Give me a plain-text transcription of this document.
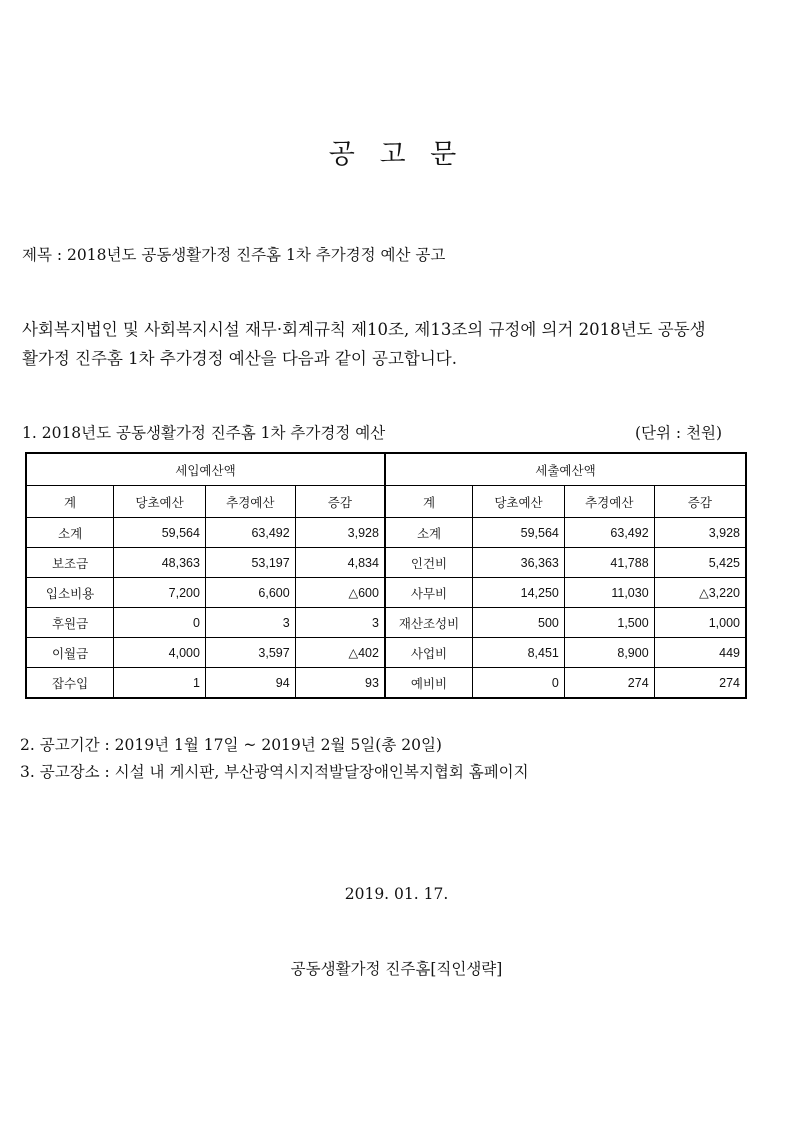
공 고 문
제목 : 2018년도 공동생활가정 진주홈 1차 추가경정 예산 공고
사회복지법인 및 사회복지시설 재무·회계규칙 제10조, 제13조의 규정에 의거 2018년도 공동생
활가정 진주홈 1차 추가경정 예산을 다음과 같이 공고합니다.
1. 2018년도 공동생활가정 진주홈 1차 추가경정 예산	(단위 : 천원)
세입예산액				세출예산액			
계	당초예산	추경예산	증감	계	당초예산	추경예산	증감
소계	59,564	63,492	3,928	소계	59,564	63,492	3,928
보조금	48,363	53,197	4,834	인건비	36,363	41,788	5,425
입소비용	7,200	6,600	△600	사무비	14,250	11,030	△3,220
후원금	0	3	3	재산조성비	500	1,500	1,000
이월금	4,000	3,597	△402	사업비	8,451	8,900	449
잡수입	1	94	93	예비비	0	274	274
2. 공고기간 : 2019년 1월 17일 ~ 2019년 2월 5일(총 20일)
3. 공고장소 : 시설 내 게시판, 부산광역시지적발달장애인복지협회 홈페이지
2019. 01. 17.
공동생활가정 진주홈[직인생략]
